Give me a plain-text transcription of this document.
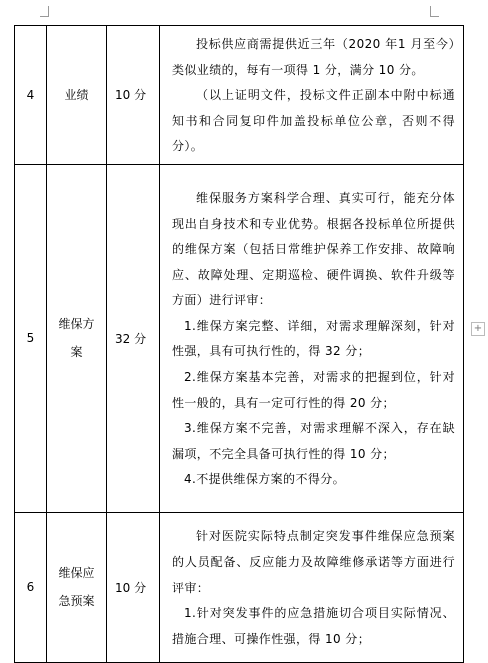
4	业绩	10 分	投标供应商需提供近三年（2020 年1 月至今）类似业绩的，每有一项得 1 分，满分 10 分。

（以上证明文件，投标文件正副本中附中标通知书和合同复印件加盖投标单位公章，否则不得分）。

5	维保方案	32 分	维保服务方案科学合理、真实可行，能充分体现出自身技术和专业优势。根据各投标单位所提供的维保方案（包括日常维护保养工作安排、故障响应、故障处理、定期巡检、硬件调换、软件升级等方面）进行评审：

1.维保方案完整、详细，对需求理解深刻，针对性强，具有可执行性的，得 32 分；

2.维保方案基本完善，对需求的把握到位，针对性一般的，具有一定可行性的得 20 分；

3.维保方案不完善，对需求理解不深入，存在缺漏项，不完全具备可执行性的得 10 分；

4.不提供维保方案的不得分。

6	维保应急预案	10 分	针对医院实际特点制定突发事件维保应急预案的人员配备、反应能力及故障维修承诺等方面进行评审：

1.针对突发事件的应急措施切合项目实际情况、措施合理、可操作性强，得 10 分；

+
